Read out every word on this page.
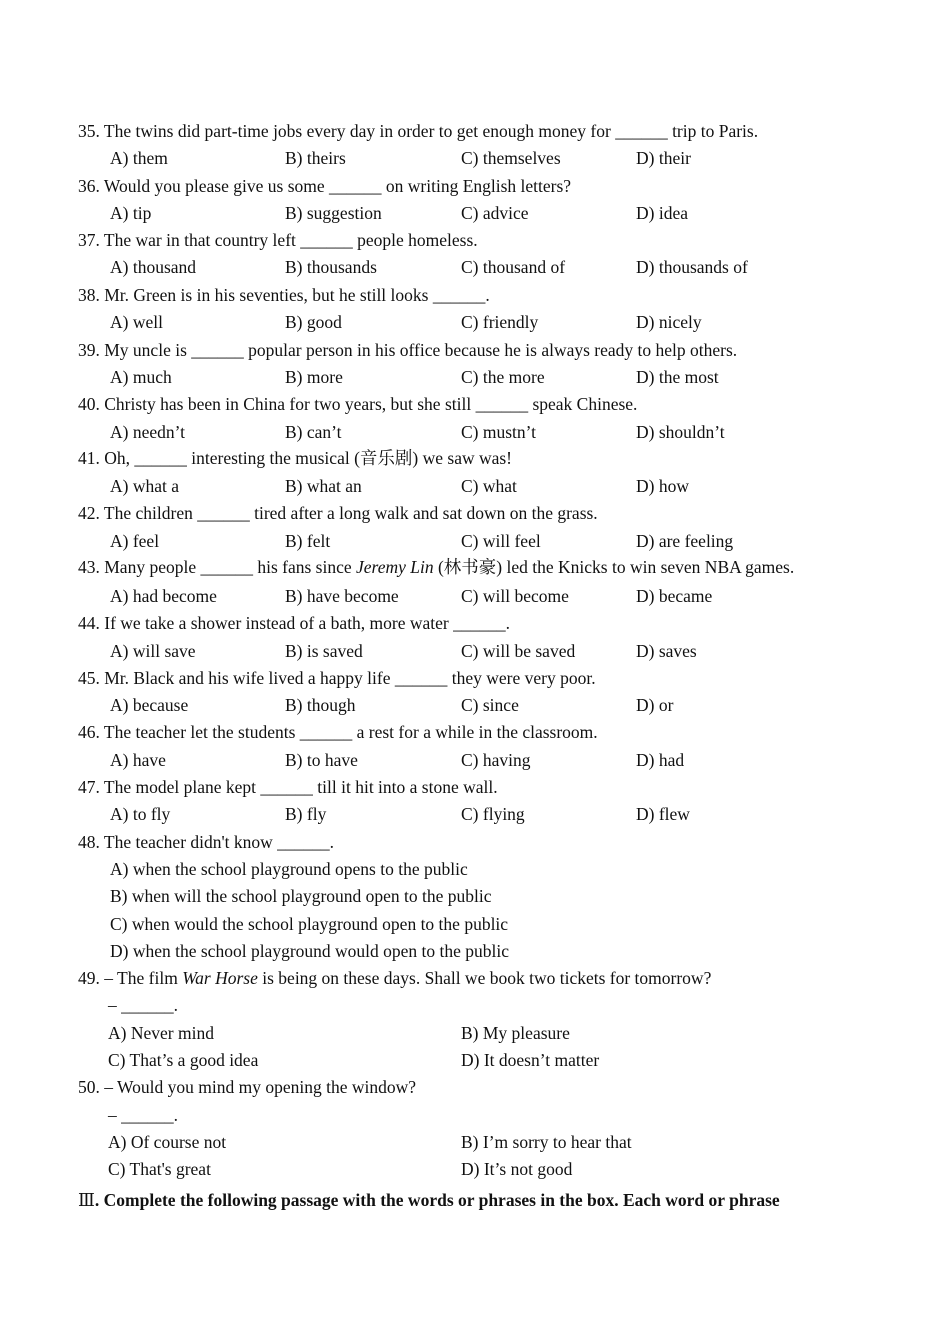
35. The twins did part-time jobs every day in order to get enough money for ______ trip to Paris.
A) them	B) theirs	C) themselves	D) their
36. Would you please give us some ______ on writing English letters?
A) tip	B) suggestion	C) advice	D) idea
37. The war in that country left ______ people homeless.
A) thousand	B) thousands	C) thousand of	D) thousands of
38. Mr. Green is in his seventies, but he still looks ______.
A) well	B) good	C) friendly	D) nicely
39. My uncle is ______ popular person in his office because he is always ready to help others.
A) much	B) more	C) the more	D) the most
40. Christy has been in China for two years, but she still ______ speak Chinese.
A) needn’t	B) can’t	C) mustn’t	D) shouldn’t
41. Oh, ______ interesting the musical (音乐剧) we saw was!
A) what a	B) what an	C) what	D) how
42. The children ______ tired after a long walk and sat down on the grass.
A) feel	B) felt	C) will feel	D) are feeling
43. Many people ______ his fans since Jeremy Lin (林书豪) led the Knicks to win seven NBA games.
A) had become	B) have become	C) will become	D) became
44. If we take a shower instead of a bath, more water ______.
A) will save	B) is saved	C) will be saved	D) saves
45. Mr. Black and his wife lived a happy life ______ they were very poor.
A) because	B) though	C) since	D) or
46. The teacher let the students ______ a rest for a while in the classroom.
A) have	B) to have	C) having	D) had
47. The model plane kept ______ till it hit into a stone wall.
A) to fly	B) fly	C) flying	D) flew
48. The teacher didn't know ______.
A) when the school playground opens to the public
B) when will the school playground open to the public
C) when would the school playground open to the public
D) when the school playground would open to the public
49. – The film War Horse is being on these days. Shall we book two tickets for tomorrow?
– ______.
A) Never mind	B) My pleasure
C) That’s a good idea	D) It doesn’t matter
50. – Would you mind my opening the window?
– ______.
A) Of course not	B) I’m sorry to hear that
C) That's great	D) It’s not good
Ⅲ. Complete the following passage with the words or phrases in the box. Each word or phrase
